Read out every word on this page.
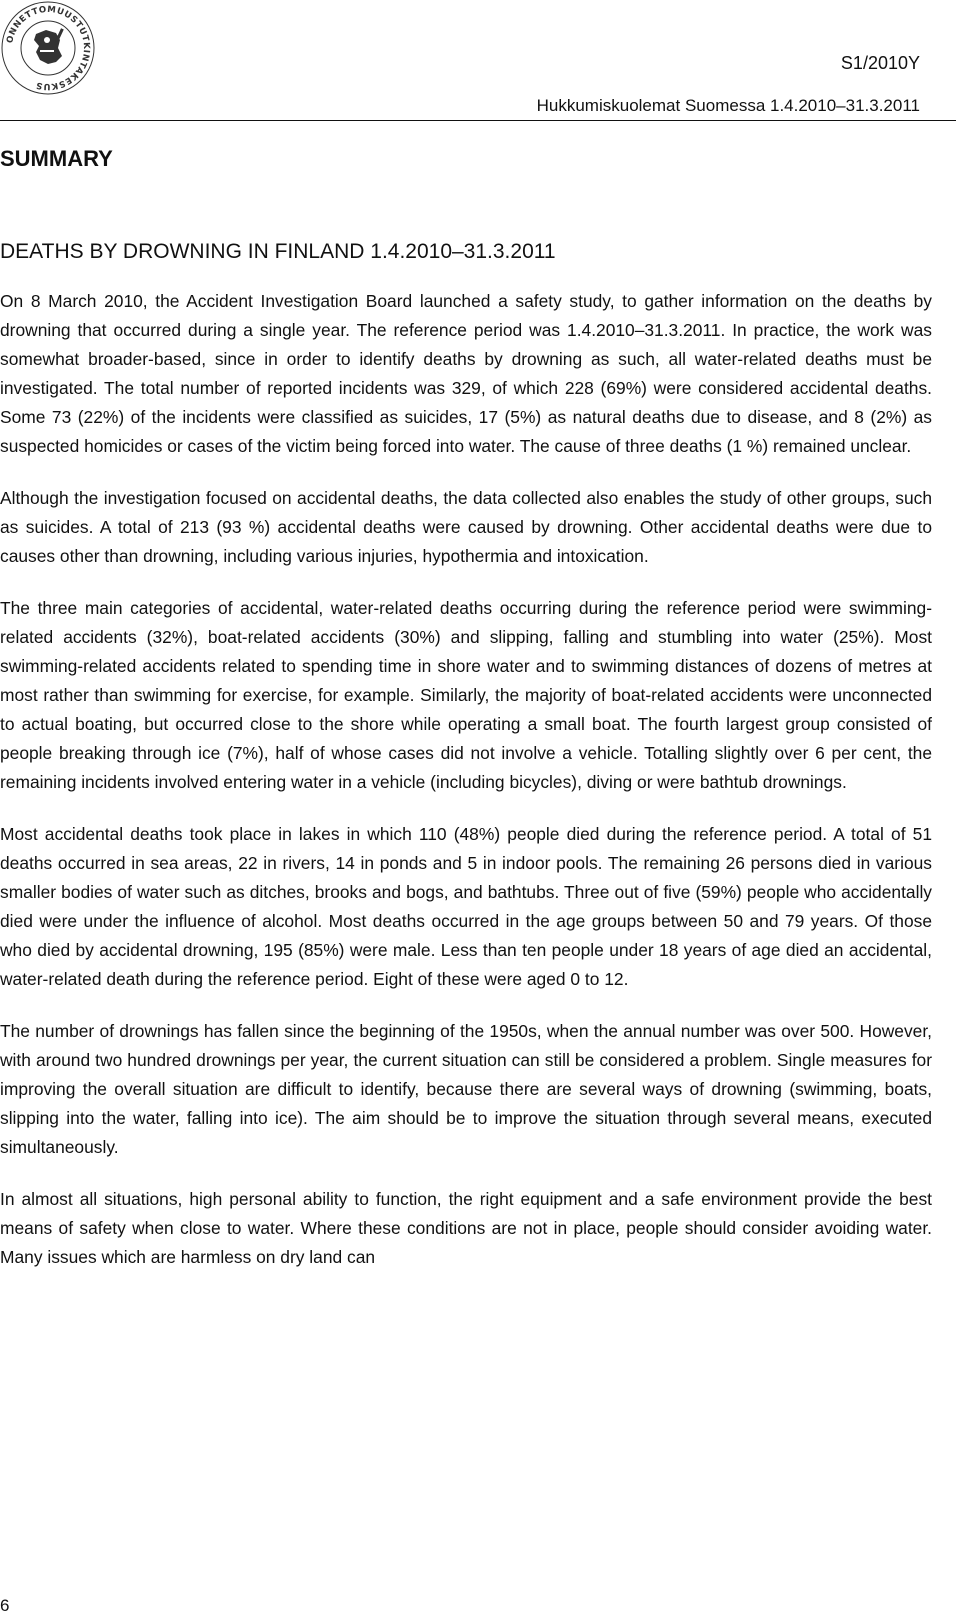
ONNETTOMUUSTUTKINTAKESKUS
S1/2010Y
Hukkumiskuolemat Suomessa 1.4.2010–31.3.2011
SUMMARY
DEATHS BY DROWNING IN FINLAND 1.4.2010–31.3.2011

On 8 March 2010, the Accident Investigation Board launched a safety study, to gather information on the deaths by drowning that occurred during a single year. The reference period was 1.4.2010–31.3.2011. In practice, the work was somewhat broader-based, since in order to identify deaths by drowning as such, all water-related deaths must be investigated. The total number of reported incidents was 329, of which 228 (69%) were considered accidental deaths. Some 73 (22%) of the incidents were classified as suicides, 17 (5%) as natural deaths due to disease, and 8 (2%) as suspected homicides or cases of the victim being forced into water. The cause of three deaths (1 %) remained unclear.

Although the investigation focused on accidental deaths, the data collected also enables the study of other groups, such as suicides. A total of 213 (93 %) accidental deaths were caused by drowning. Other accidental deaths were due to causes other than drowning, including various injuries, hypothermia and intoxication.

The three main categories of accidental, water-related deaths occurring during the reference period were swimming-related accidents (32%), boat-related accidents (30%) and slipping, falling and stumbling into water (25%). Most swimming-related accidents related to spending time in shore water and to swimming distances of dozens of metres at most rather than swimming for exercise, for example. Similarly, the majority of boat-related accidents were unconnected to actual boating, but occurred close to the shore while operating a small boat. The fourth largest group consisted of people breaking through ice (7%), half of whose cases did not involve a vehicle. Totalling slightly over 6 per cent, the remaining incidents involved entering water in a vehicle (including bicycles), diving or were bathtub drownings.

Most accidental deaths took place in lakes in which 110 (48%) people died during the reference period. A total of 51 deaths occurred in sea areas, 22 in rivers, 14 in ponds and 5 in indoor pools. The remaining 26 persons died in various smaller bodies of water such as ditches, brooks and bogs, and bathtubs. Three out of five (59%) people who accidentally died were under the influence of alcohol. Most deaths occurred in the age groups between 50 and 79 years. Of those who died by accidental drowning, 195 (85%) were male. Less than ten people under 18 years of age died an accidental, water-related death during the reference period. Eight of these were aged 0 to 12.

The number of drownings has fallen since the beginning of the 1950s, when the annual number was over 500. However, with around two hundred drownings per year, the current situation can still be considered a problem. Single measures for improving the overall situation are difficult to identify, because there are several ways of drowning (swimming, boats, slipping into the water, falling into ice). The aim should be to improve the situation through several means, executed simultaneously.

In almost all situations, high personal ability to function, the right equipment and a safe environment provide the best means of safety when close to water. Where these conditions are not in place, people should consider avoiding water. Many issues which are harmless on dry land can

6
